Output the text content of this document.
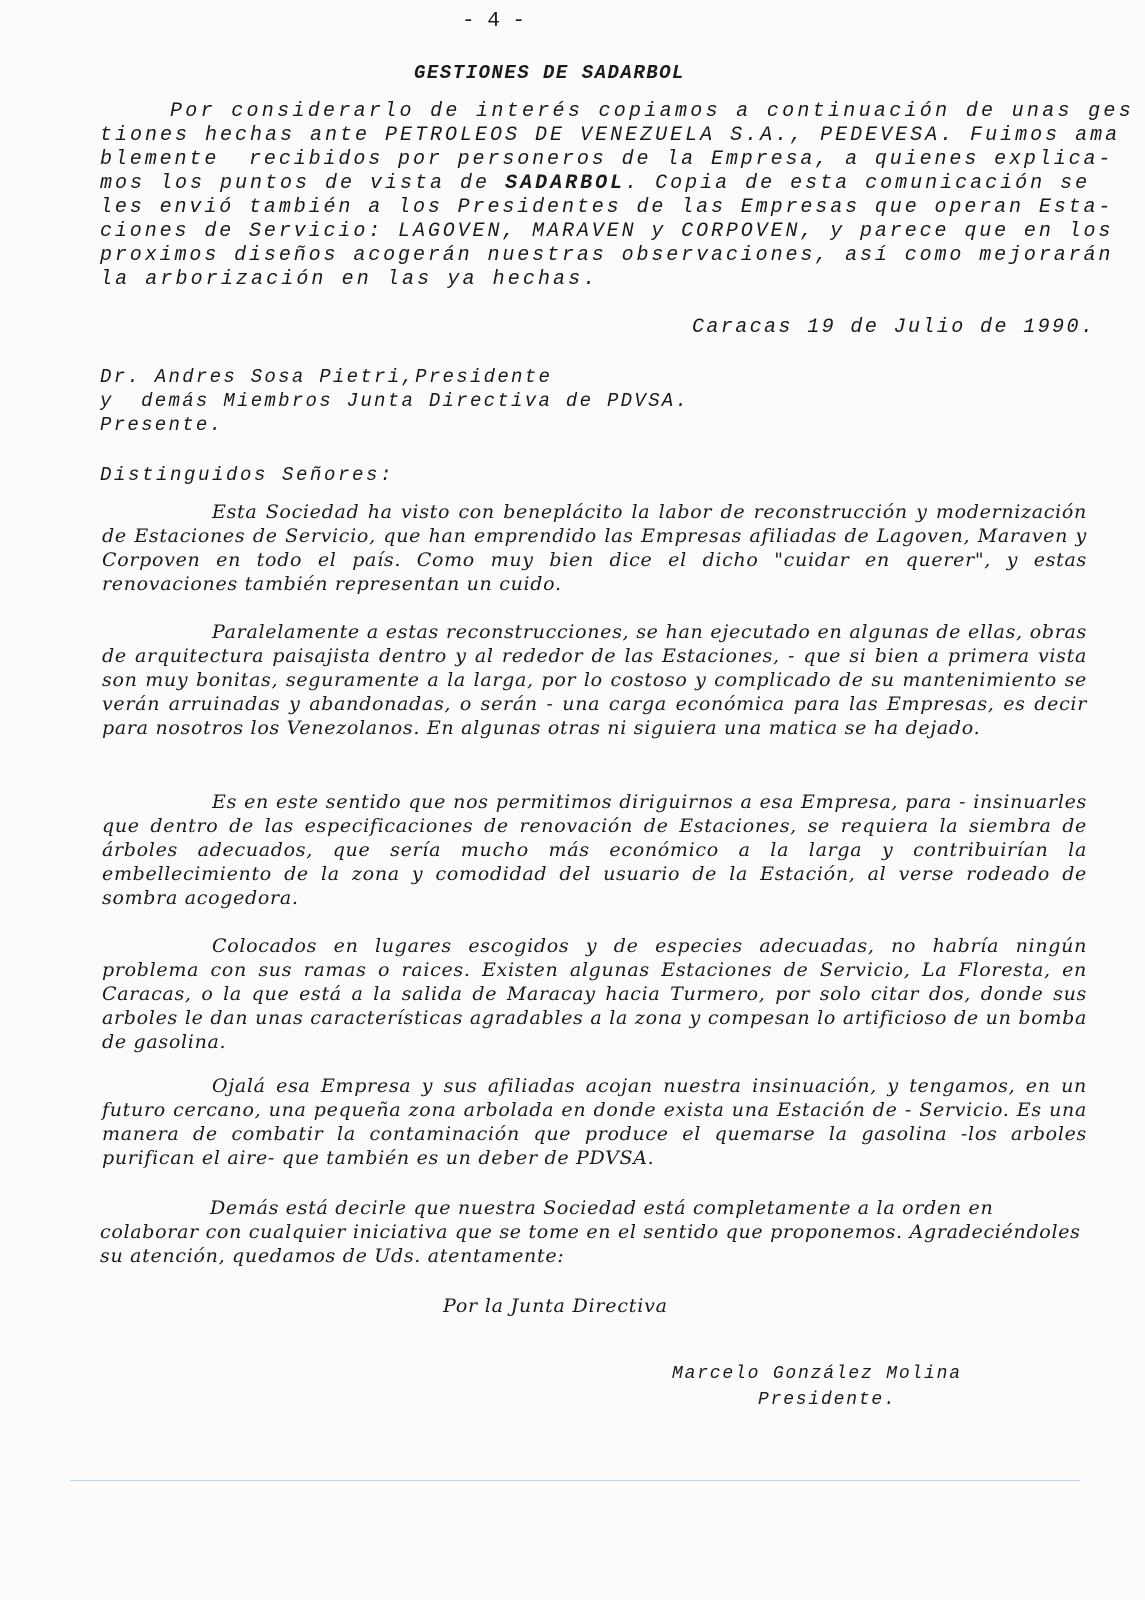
- 4 -
GESTIONES DE SADARBOL

Por considerarlo de interés copiamos a continuación de unas ges

tiones hechas ante PETROLEOS DE VENEZUELA S.A., PEDEVESA. Fuimos ama

blemente  recibidos por personeros de la Empresa, a quienes explica-

mos los puntos de vista de SADARBOL. Copia de esta comunicación se

les envió también a los Presidentes de las Empresas que operan Esta-

ciones de Servicio: LAGOVEN, MARAVEN y CORPOVEN, y parece que en los

proximos diseños acogerán nuestras observaciones, así como mejorarán

la arborización en las ya hechas.

Caracas 19 de Julio de 1990.

Dr. Andres Sosa Pietri,Presidente

y  demás Miembros Junta Directiva de PDVSA.

Presente.

Distinguidos Señores:

Esta Sociedad ha visto con beneplácito la labor de reconstrucción y modernización de Estaciones de Servicio, que han emprendido las Empresas afiliadas de Lagoven, Maraven y Corpoven en todo el país. Como muy bien dice el dicho "cuidar en querer", y estas renovaciones también representan un cuido.

Paralelamente a estas reconstrucciones, se han ejecutado en algunas de ellas, obras de arquitectura paisajista dentro y al rededor de las Estaciones, - que si bien a primera vista son muy bonitas, seguramente a la larga, por lo costoso y complicado de su mantenimiento se verán arruinadas y abandonadas, o serán - una carga económica para las Empresas, es decir para nosotros los Venezolanos. En algunas otras ni siguiera una matica se ha dejado.

Es en este sentido que nos permitimos diriguirnos a esa Empresa, para - insinuarles que dentro de las especificaciones de renovación de Estaciones, se requiera la siembra de árboles adecuados, que sería mucho más económico a la larga y contribuirían la embellecimiento de la zona y comodidad del usuario de la Estación, al verse rodeado de sombra acogedora.

Colocados en lugares escogidos y de especies adecuadas, no habría ningún problema con sus ramas o raices. Existen algunas Estaciones de Servicio, La Floresta, en Caracas, o la que está a la salida de Maracay hacia Turmero, por solo citar dos, donde sus arboles le dan unas características agradables a la zona y compesan lo artificioso de un bomba de gasolina.

Ojalá esa Empresa y sus afiliadas acojan nuestra insinuación, y tengamos, en un futuro cercano, una pequeña zona arbolada en donde exista una Estación de - Servicio. Es una manera de combatir la contaminación que produce el quemarse la gasolina -los arboles purifican el aire- que también es un deber de PDVSA.

Demás está decirle que nuestra Sociedad está completamente a la orden en colaborar con cualquier iniciativa que se tome en el sentido que proponemos. Agradeciéndoles su atención, quedamos de Uds. atentamente:

Por la Junta Directiva

Marcelo González Molina

Presidente.
